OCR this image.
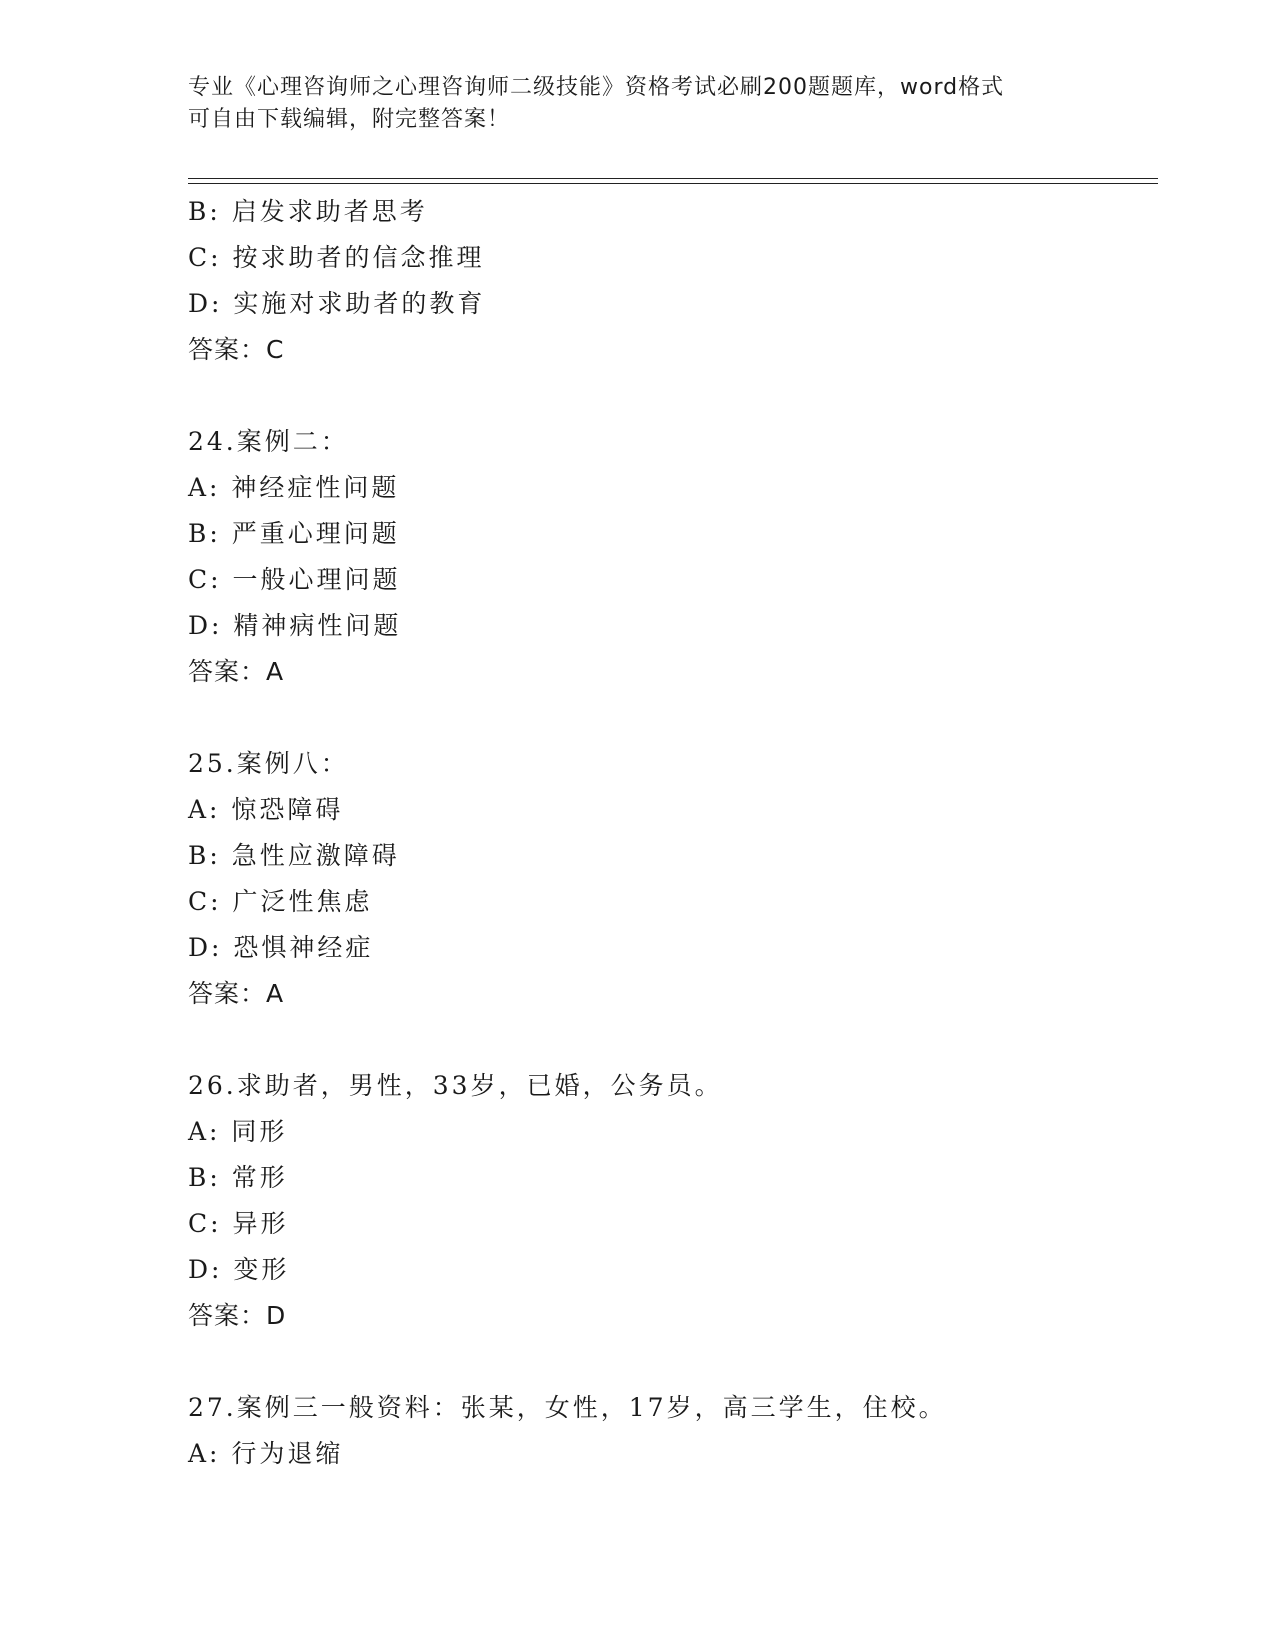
专业《心理咨询师之心理咨询师二级技能》资格考试必刷200题题库，word格式
可自由下载编辑，附完整答案！
B: 启发求助者思考
C: 按求助者的信念推理
D: 实施对求助者的教育
答案：C
24.案例二：
A: 神经症性问题
B: 严重心理问题
C: 一般心理问题
D: 精神病性问题
答案：A
25.案例八：
A: 惊恐障碍
B: 急性应激障碍
C: 广泛性焦虑
D: 恐惧神经症
答案：A
26.求助者，男性，33岁，已婚，公务员。
A: 同形
B: 常形
C: 异形
D: 变形
答案：D
27.案例三一般资料：张某，女性，17岁，高三学生，住校。
A: 行为退缩
